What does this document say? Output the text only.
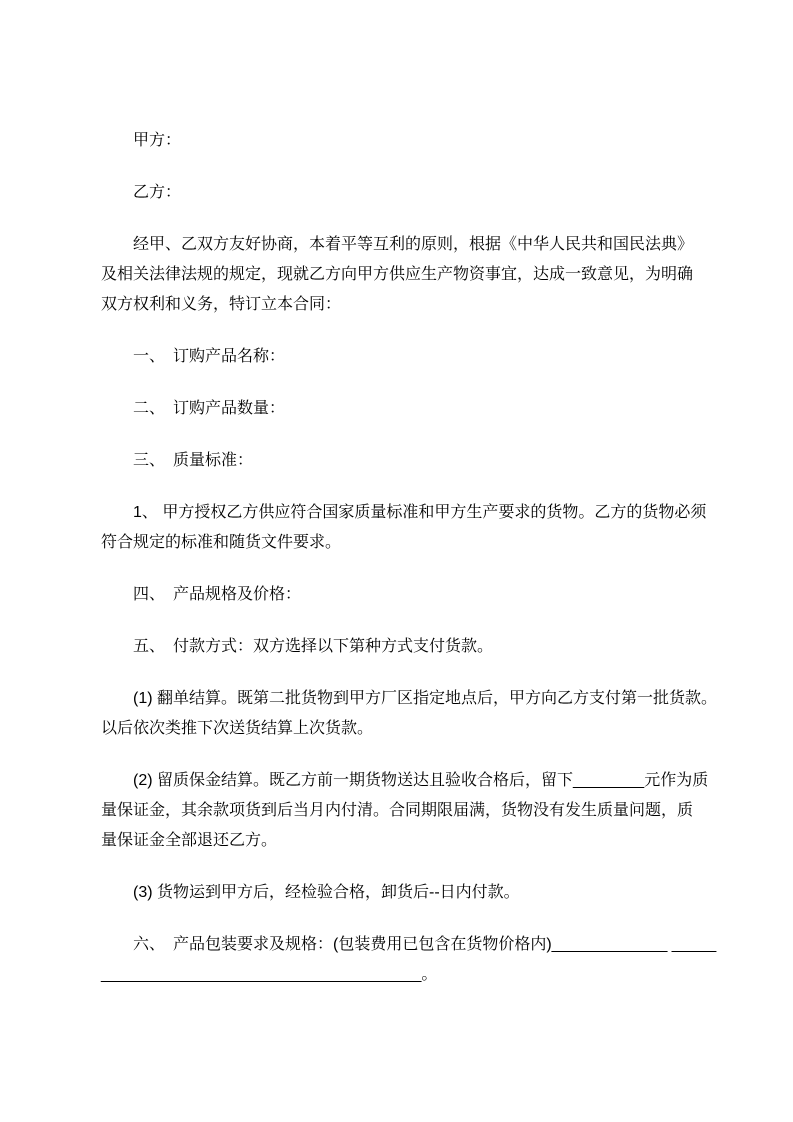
甲方：
乙方：
经甲、乙双方友好协商，本着平等互利的原则，根据《中华人民共和国民法典》
及相关法律法规的规定，现就乙方向甲方供应生产物资事宜，达成一致意见，为明确
双方权利和义务，特订立本合同：
一、　订购产品名称：
二、　订购产品数量：
三、　质量标准：
1、 甲方授权乙方供应符合国家质量标准和甲方生产要求的货物。乙方的货物必须
符合规定的标准和随货文件要求。
四、　产品规格及价格：
五、　付款方式：双方选择以下第种方式支付货款。
(1) 翻单结算。既第二批货物到甲方厂区指定地点后，甲方向乙方支付第一批货款。
以后依次类推下次送货结算上次货款。
(2) 留质保金结算。既乙方前一期货物送达且验收合格后，留下________元作为质
量保证金，其余款项货到后当月内付清。合同期限届满，货物没有发生质量问题，质
量保证金全部退还乙方。
(3) 货物运到甲方后，经检验合格，卸货后--日内付款。
六、　产品包装要求及规格：(包装费用已包含在货物价格内)_____________ _____
____________________________________。
